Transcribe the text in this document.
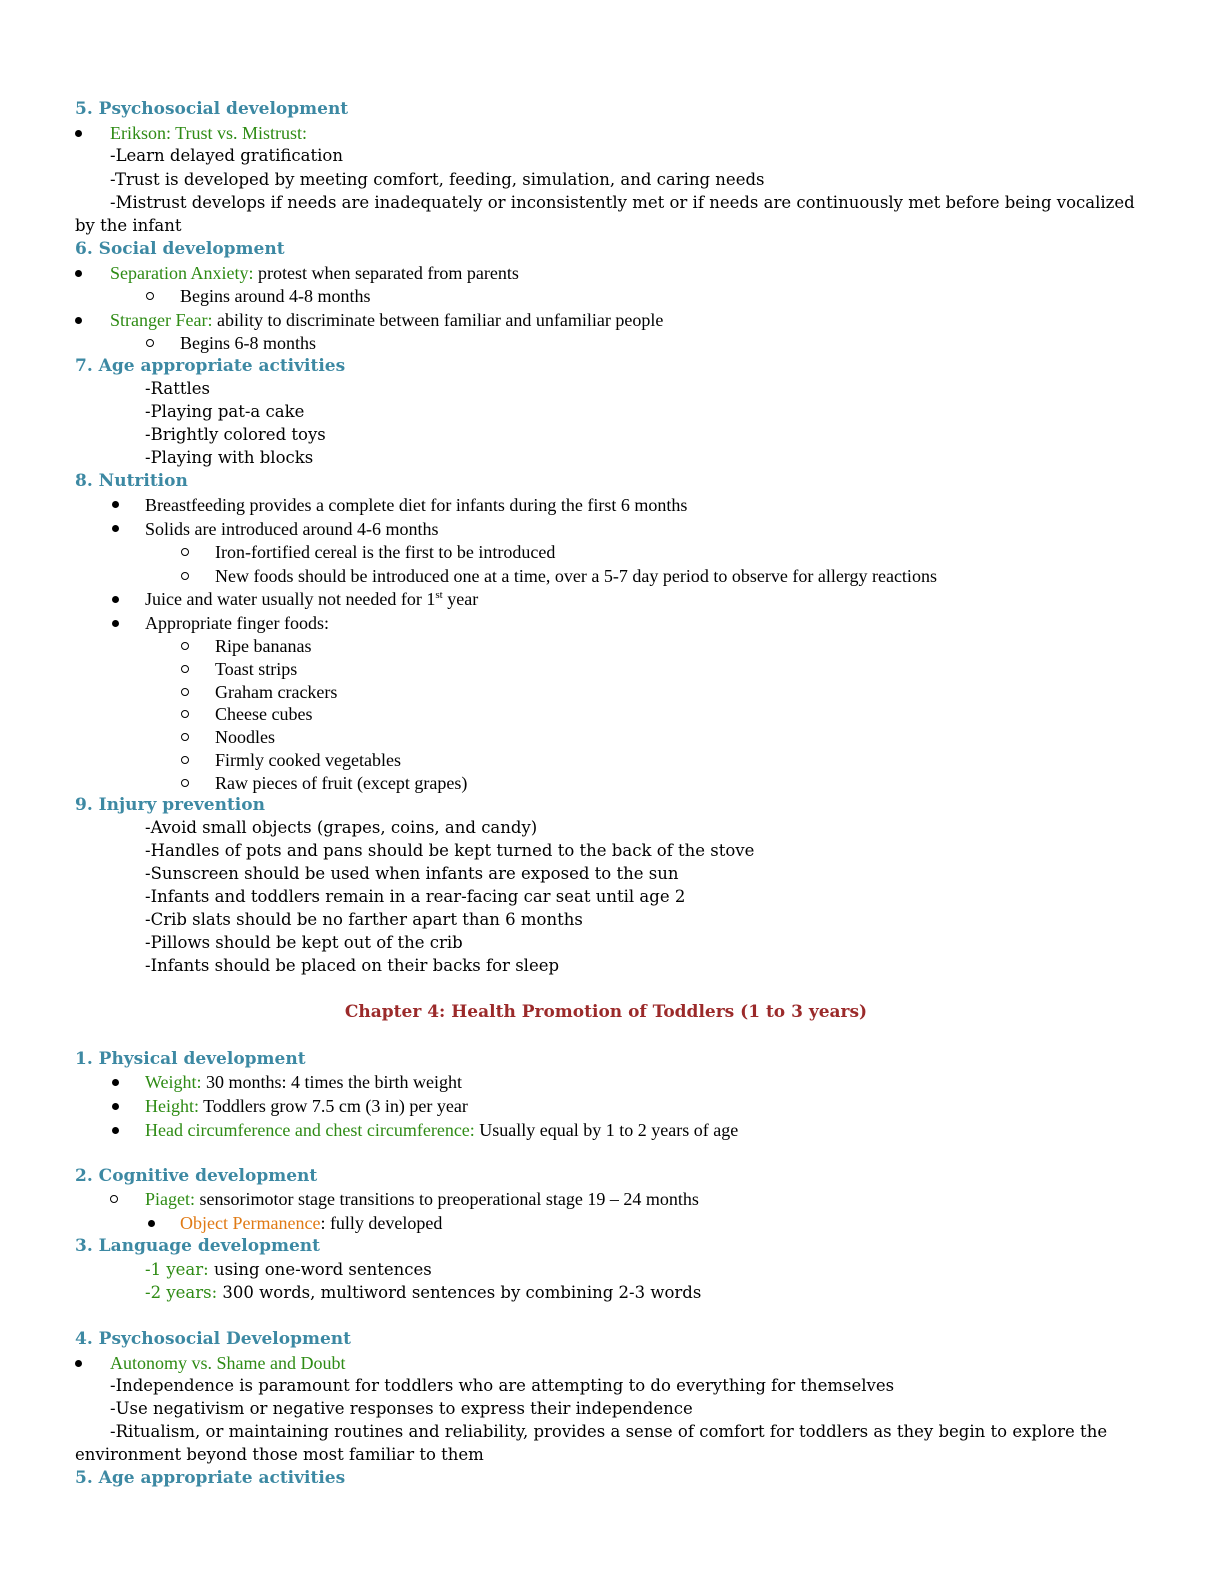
5. Psychosocial development
Erikson: Trust vs. Mistrust:
-Learn delayed gratification
-Trust is developed by meeting comfort, feeding, simulation, and caring needs
-Mistrust develops if needs are inadequately or inconsistently met or if needs are continuously met before being vocalized
by the infant
6. Social development
Separation Anxiety: protest when separated from parents
Begins around 4-8 months
Stranger Fear: ability to discriminate between familiar and unfamiliar people
Begins 6-8 months
7. Age appropriate activities
-Rattles
-Playing pat-a cake
-Brightly colored toys
-Playing with blocks
8. Nutrition
Breastfeeding provides a complete diet for infants during the first 6 months
Solids are introduced around 4-6 months
Iron-fortified cereal is the first to be introduced
New foods should be introduced one at a time, over a 5-7 day period to observe for allergy reactions
Juice and water usually not needed for 1st year
Appropriate finger foods:
Ripe bananas
Toast strips
Graham crackers
Cheese cubes
Noodles
Firmly cooked vegetables
Raw pieces of fruit (except grapes)
9. Injury prevention
-Avoid small objects (grapes, coins, and candy)
-Handles of pots and pans should be kept turned to the back of the stove
-Sunscreen should be used when infants are exposed to the sun
-Infants and toddlers remain in a rear-facing car seat until age 2
-Crib slats should be no farther apart than 6 months
-Pillows should be kept out of the crib
-Infants should be placed on their backs for sleep
Chapter 4: Health Promotion of Toddlers (1 to 3 years)
1. Physical development
Weight: 30 months: 4 times the birth weight
Height: Toddlers grow 7.5 cm (3 in) per year
Head circumference and chest circumference: Usually equal by 1 to 2 years of age
2. Cognitive development
Piaget: sensorimotor stage transitions to preoperational stage 19 – 24 months
Object Permanence: fully developed
3. Language development
-1 year: using one-word sentences
-2 years: 300 words, multiword sentences by combining 2-3 words
4. Psychosocial Development
Autonomy vs. Shame and Doubt
-Independence is paramount for toddlers who are attempting to do everything for themselves
-Use negativism or negative responses to express their independence
-Ritualism, or maintaining routines and reliability, provides a sense of comfort for toddlers as they begin to explore the
environment beyond those most familiar to them
5. Age appropriate activities
